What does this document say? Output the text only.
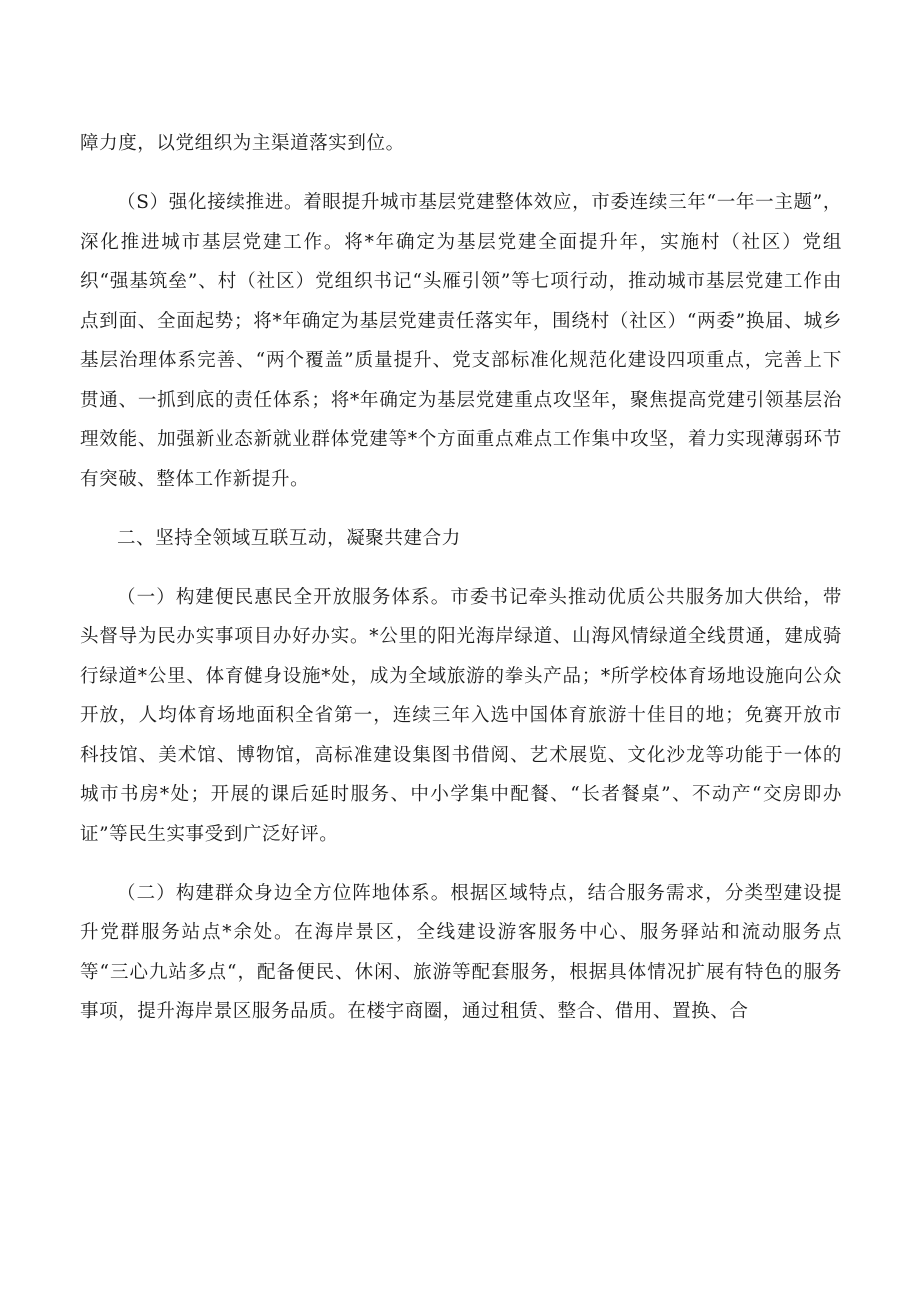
障力度，以党组织为主渠道落实到位。

（S）强化接续推进。着眼提升城市基层党建整体效应，市委连续三年“一年一主题”，深化推进城市基层党建工作。将*年确定为基层党建全面提升年，实施村（社区）党组织“强基筑垒”、村（社区）党组织书记“头雁引领”等七项行动，推动城市基层党建工作由点到面、全面起势；将*年确定为基层党建责任落实年，围绕村（社区）“两委”换届、城乡基层治理体系完善、“两个覆盖”质量提升、党支部标准化规范化建设四项重点，完善上下贯通、一抓到底的责任体系；将*年确定为基层党建重点攻坚年，聚焦提高党建引领基层治理效能、加强新业态新就业群体党建等*个方面重点难点工作集中攻坚，着力实现薄弱环节有突破、整体工作新提升。

二、坚持全领域互联互动，凝聚共建合力

（一）构建便民惠民全开放服务体系。市委书记牵头推动优质公共服务加大供给，带头督导为民办实事项目办好办实。*公里的阳光海岸绿道、山海风情绿道全线贯通，建成骑行绿道*公里、体育健身设施*处，成为全域旅游的拳头产品；*所学校体育场地设施向公众开放，人均体育场地面积全省第一，连续三年入选中国体育旅游十佳目的地；免赛开放市科技馆、美术馆、博物馆，高标准建设集图书借阅、艺术展览、文化沙龙等功能于一体的城市书房*处；开展的课后延时服务、中小学集中配餐、“长者餐桌”、不动产“交房即办证”等民生实事受到广泛好评。

（二）构建群众身边全方位阵地体系。根据区域特点，结合服务需求，分类型建设提升党群服务站点*余处。在海岸景区，全线建设游客服务中心、服务驿站和流动服务点等“三心九站多点“，配备便民、休闲、旅游等配套服务，根据具体情况扩展有特色的服务事项，提升海岸景区服务品质。在楼宇商圈，通过租赁、整合、借用、置换、合
